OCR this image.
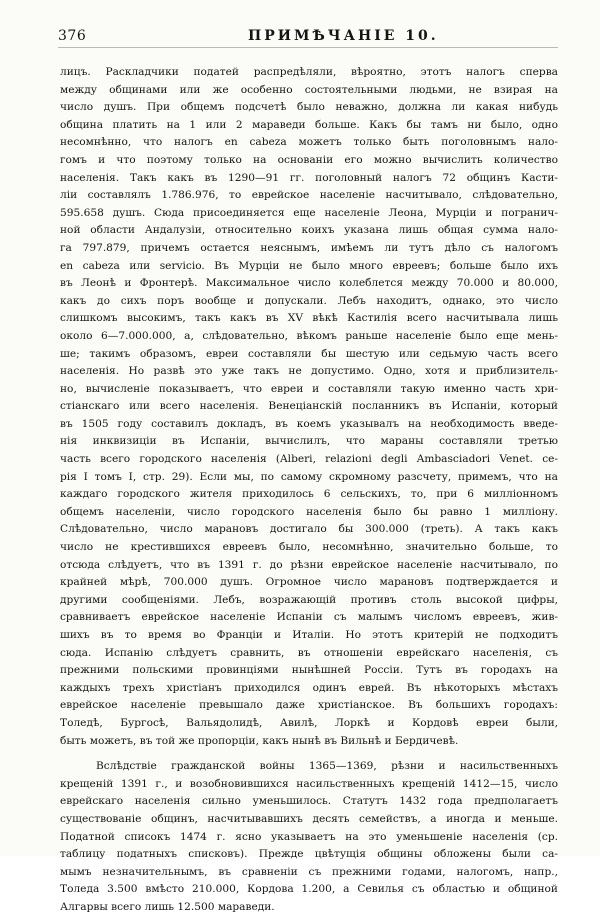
376	ПРИМѢЧАНІЕ 10.
лицъ. Раскладчики податей распредѣляли, вѣроятно, этотъ налогъ сперва
между общинами или же особенно состоятельными людьми, не взирая на
число душъ. При общемъ подсчетѣ было неважно, должна ли какая нибудь
община платить на 1 или 2 мараведи больше. Какъ бы тамъ ни было, одно
несомнѣнно, что налогъ en cabeza можетъ только быть поголовнымъ нало-
гомъ и что поэтому только на основаніи его можно вычислить количество
населенія. Такъ какъ въ 1290—91 гг. поголовный налогъ 72 общинъ Касти-
ліи составлялъ 1.786.976, то еврейское населеніе насчитывало, слѣдовательно,
595.658 душъ. Сюда присоединяется еще населеніе Леона, Мурціи и погранич-
ной области Андалузіи, относительно коихъ указана лишь общая сумма нало-
га 797.879, причемъ остается неяснымъ, имѣемъ ли тутъ дѣло съ налогомъ
en cabeza или servicio. Въ Мурціи не было много евреевъ; больше было ихъ
въ Леонѣ и Фронтерѣ. Максимальное число колеблется между 70.000 и 80.000,
какъ до сихъ поръ вообще и допускали. Лебъ находитъ, однако, это число
слишкомъ высокимъ, такъ какъ въ XV вѣкѣ Кастилія всего насчитывала лишь
около 6—7.000.000, а, слѣдовательно, вѣкомъ раньше населеніе было еще мень-
ше; такимъ образомъ, евреи составляли бы шестую или седьмую часть всего
населенія. Но развѣ это уже такъ не допустимо. Одно, хотя и приблизитель-
но, вычисленіе показываетъ, что евреи и составляли такую именно часть хри-
стіанскаго или всего населенія. Венеціанскій посланникъ въ Испаніи, который
въ 1505 году составилъ докладъ, въ коемъ указывалъ на необходимость введе-
нія инквизиціи въ Испаніи, вычислилъ, что мараны составляли третью
часть всего городского населенія (Alberi, relazioni degli Ambasciadori Venet. се-
рія I томъ I, стр. 29). Если мы, по самому скромному разсчету, примемъ, что на
каждаго городского жителя приходилось 6 сельскихъ, то, при 6 милліонномъ
общемъ населеніи, число городского населенія было бы равно 1 милліону.
Слѣдовательно, число марановъ достигало бы 300.000 (треть). А такъ какъ
число не крестившихся евреевъ было, несомнѣнно, значительно больше, то
отсюда слѣдуетъ, что въ 1391 г. до рѣзни еврейское населеніе насчитывало, по
крайней мѣрѣ, 700.000 душъ. Огромное число марановъ подтверждается и
другими сообщеніями. Лебъ, возражающій противъ столь высокой цифры,
сравниваетъ еврейское населеніе Испаніи съ малымъ числомъ евреевъ, жив-
шихъ въ то время во Франціи и Италіи. Но этотъ критерій не подходитъ
сюда. Испанію слѣдуетъ сравнить, въ отношеніи еврейскаго населенія, съ
прежними польскими провинціями нынѣшней Россіи. Тутъ въ городахъ на
каждыхъ трехъ христіанъ приходился одинъ еврей. Въ нѣкоторыхъ мѣстахъ
еврейское населеніе превышало даже христіанское. Въ большихъ городахъ:
Толедѣ, Бургосѣ, Вальядолидѣ, Авилѣ, Лоркѣ и Кордовѣ евреи были,
быть можетъ, въ той же пропорціи, какъ нынѣ въ Вильнѣ и Бердичевѣ.
Вслѣдствіе гражданской войны 1365—1369, рѣзни и насильственныхъ
крещеній 1391 г., и возобновившихся насильственныхъ крещеній 1412—15, число
еврейскаго населенія сильно уменьшилось. Статутъ 1432 года предполагаетъ
существованіе общинъ, насчитывавшихъ десять семействъ, а иногда и меньше.
Податной списокъ 1474 г. ясно указываетъ на это уменьшеніе населенія (ср.
таблицу податныхъ списковъ). Прежде цвѣтущія общины обложены были са-
мымъ незначительнымъ, въ сравненіи съ прежними годами, налогомъ, напр.,
Толеда 3.500 вмѣсто 210.000, Кордова 1.200, а Севилья съ областью и общиной
Алгарвы всего лишь 12.500 мараведи.
